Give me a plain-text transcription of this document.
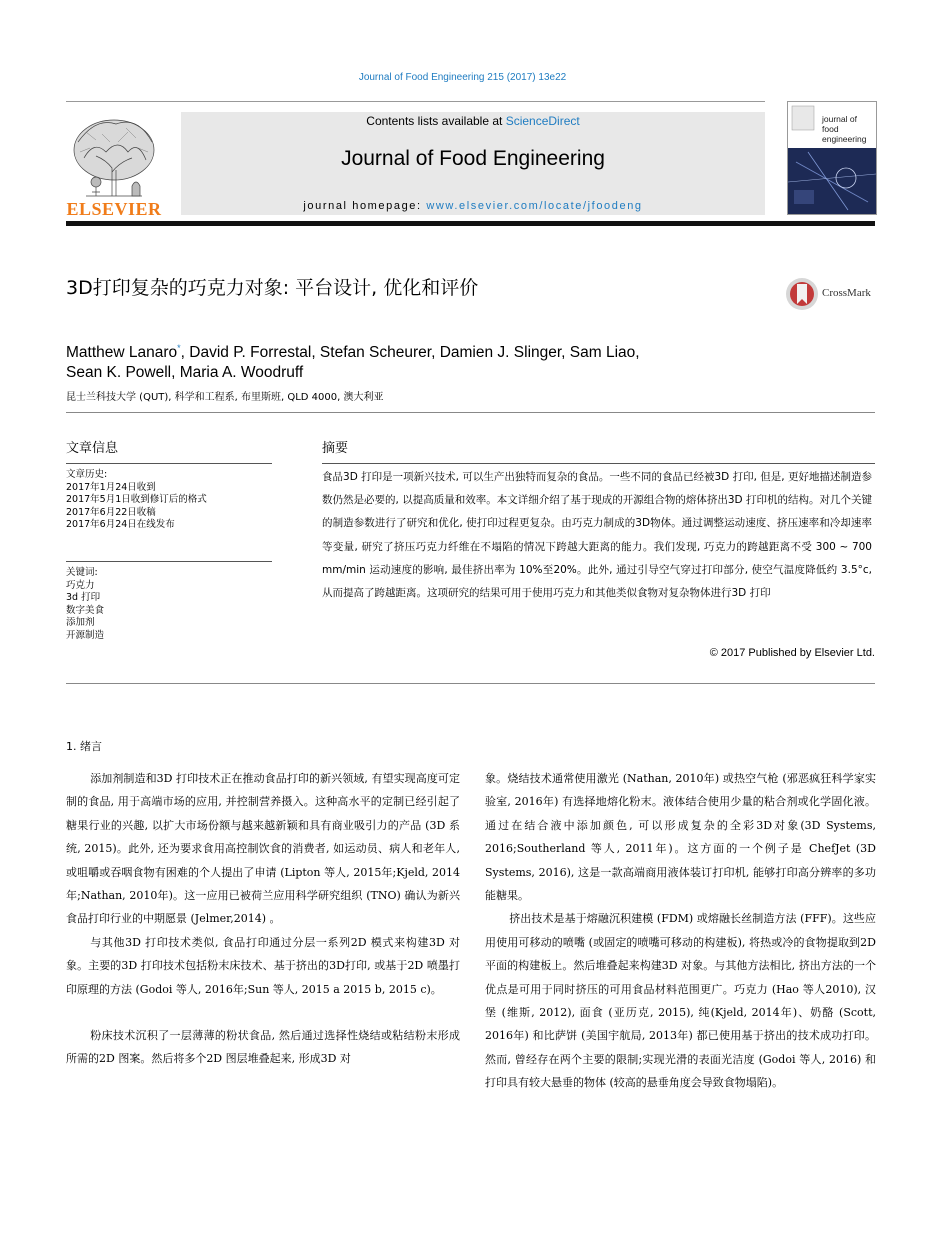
Journal of Food Engineering 215 (2017) 13e22
ELSEVIER
Contents lists available at ScienceDirect
Journal of Food Engineering
journal homepage: www.elsevier.com/locate/jfoodeng
journal of
food engineering
3D打印复杂的巧克力对象: 平台设计, 优化和评价	CrossMark
Matthew Lanaro*, David P. Forrestal, Stefan Scheurer, Damien J. Slinger, Sam Liao,
Sean K. Powell, Maria A. Woodruff
昆士兰科技大学 (QUT), 科学和工程系, 布里斯班, QLD 4000, 澳大利亚
文章信息
文章历史:
2017年1月24日收到
2017年5月1日收到修订后的格式
2017年6月22日收稿
2017年6月24日在线发布
关键词:
巧克力
3d 打印
数字美食
添加剂
开源制造
摘要
食品3D 打印是一项新兴技术, 可以生产出独特而复杂的食品。一些不同的食品已经被3D 打印, 但是, 更好地描述制造参数仍然是必要的, 以提高质量和效率。本文详细介绍了基于现成的开源组合物的熔体挤出3D 打印机的结构。对几个关键的制造参数进行了研究和优化, 使打印过程更复杂。由巧克力制成的3D物体。通过调整运动速度、挤压速率和冷却速率等变量, 研究了挤压巧克力纤维在不塌陷的情况下跨越大距离的能力。我们发现, 巧克力的跨越距离不受 300 ~ 700 mm/min 运动速度的影响, 最佳挤出率为 10%至20%。此外, 通过引导空气穿过打印部分, 使空气温度降低约 3.5°c, 从而提高了跨越距离。这项研究的结果可用于使用巧克力和其他类似食物对复杂物体进行3D 打印
© 2017 Published by Elsevier Ltd.
1. 绪言

添加剂制造和3D 打印技术正在推动食品打印的新兴领域, 有望实现高度可定制的食品, 用于高端市场的应用, 并控制营养摄入。这种高水平的定制已经引起了糖果行业的兴趣, 以扩大市场份额与越来越新颖和具有商业吸引力的产品 (3D 系统, 2015)。此外, 还为要求食用高控制饮食的消费者, 如运动员、病人和老年人, 或咀嚼或吞咽食物有困难的个人提出了申请 (Lipton 等人, 2015年;Kjeld, 2014年;Nathan, 2010年)。这一应用已被荷兰应用科学研究组织 (TNO) 确认为新兴食品打印行业的中期愿景 (Jelmer,2014) 。

与其他3D 打印技术类似, 食品打印通过分层一系列2D 模式来构建3D 对象。主要的3D 打印技术包括粉末床技术、基于挤出的3D打印, 或基于2D 喷墨打印原理的方法 (Godoi 等人, 2016年;Sun 等人, 2015 a 2015 b, 2015 c)。

粉床技术沉积了一层薄薄的粉状食品, 然后通过选择性烧结或粘结粉末形成所需的2D 图案。然后将多个2D 图层堆叠起来, 形成3D 对

象。烧结技术通常使用激光 (Nathan, 2010年) 或热空气枪 (邪恶疯狂科学家实验室, 2016年) 有选择地熔化粉末。液体结合使用少量的粘合剂或化学固化液。通过在结合液中添加颜色, 可以形成复杂的全彩3D对象(3D Systems, 2016;Southerland 等人, 2011年)。这方面的一个例子是 ChefJet (3D Systems, 2016), 这是一款高端商用液体装订打印机, 能够打印高分辨率的多功能糖果。

挤出技术是基于熔融沉积建模 (FDM) 或熔融长丝制造方法 (FFF)。这些应用使用可移动的喷嘴 (或固定的喷嘴可移动的构建板), 将热或冷的食物提取到2D 平面的构建板上。然后堆叠起来构建3D 对象。与其他方法相比, 挤出方法的一个优点是可用于同时挤压的可用食品材料范围更广。巧克力 (Hao 等人2010), 汉堡 (维斯, 2012), 面食 (亚历克, 2015), 纯(Kjeld, 2014年)、奶酪 (Scott, 2016年) 和比萨饼 (美国宇航局, 2013年) 都已使用基于挤出的技术成功打印。然而, 曾经存在两个主要的限制;实现光滑的表面光洁度 (Godoi 等人, 2016) 和打印具有较大悬垂的物体 (较高的悬垂角度会导致食物塌陷)。
